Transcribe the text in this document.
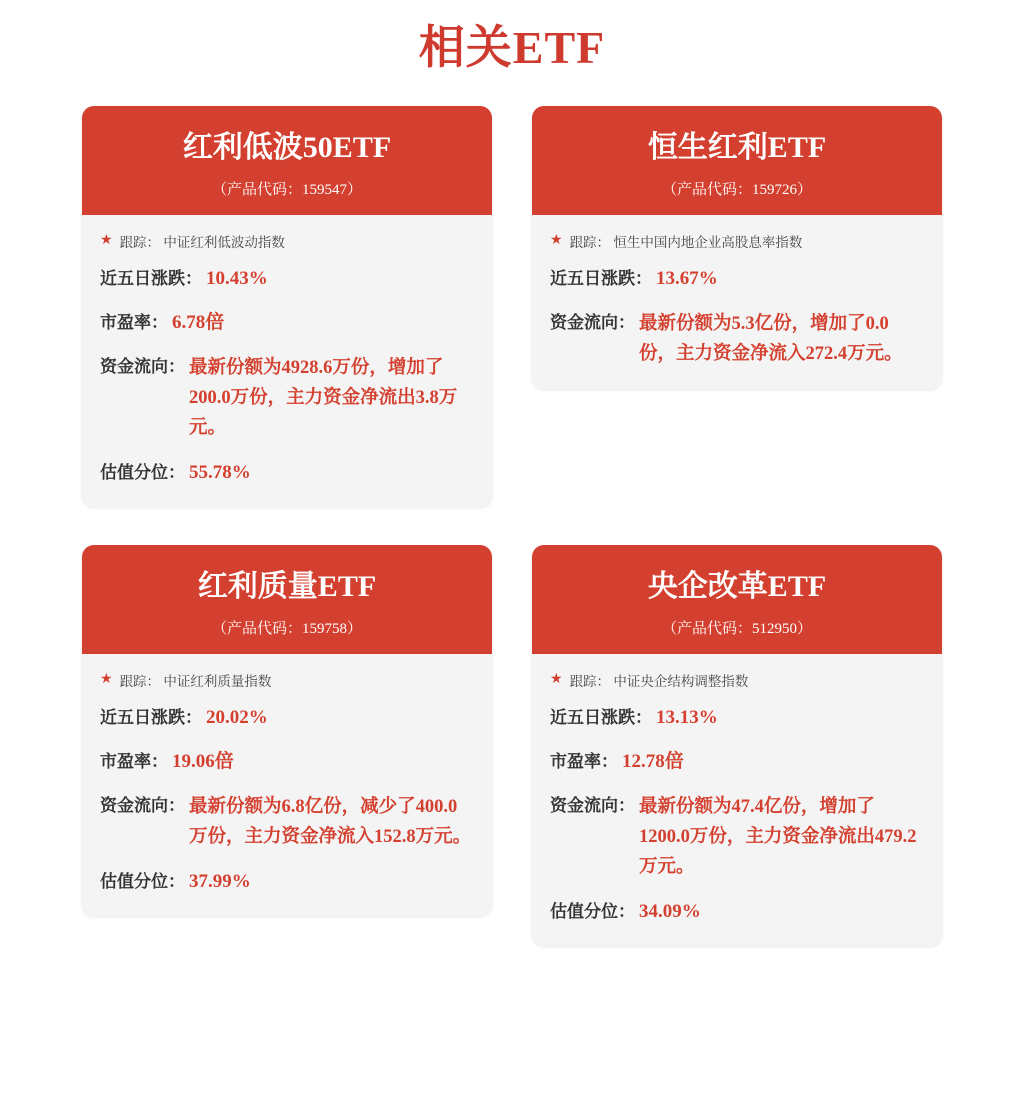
相关ETF
红利低波50ETF
（产品代码：159547）
★ 跟踪： 中证红利低波动指数
近五日涨跌： 10.43%
市盈率： 6.78倍
资金流向： 最新份额为4928.6万份，增加了200.0万份，主力资金净流出3.8万元。
估值分位： 55.78%
恒生红利ETF
（产品代码：159726）
★ 跟踪： 恒生中国内地企业高股息率指数
近五日涨跌： 13.67%
资金流向： 最新份额为5.3亿份，增加了0.0份，主力资金净流入272.4万元。
红利质量ETF
（产品代码：159758）
★ 跟踪： 中证红利质量指数
近五日涨跌： 20.02%
市盈率： 19.06倍
资金流向： 最新份额为6.8亿份，减少了400.0万份，主力资金净流入152.8万元。
估值分位： 37.99%
央企改革ETF
（产品代码：512950）
★ 跟踪： 中证央企结构调整指数
近五日涨跌： 13.13%
市盈率： 12.78倍
资金流向： 最新份额为47.4亿份，增加了1200.0万份，主力资金净流出479.2万元。
估值分位： 34.09%
